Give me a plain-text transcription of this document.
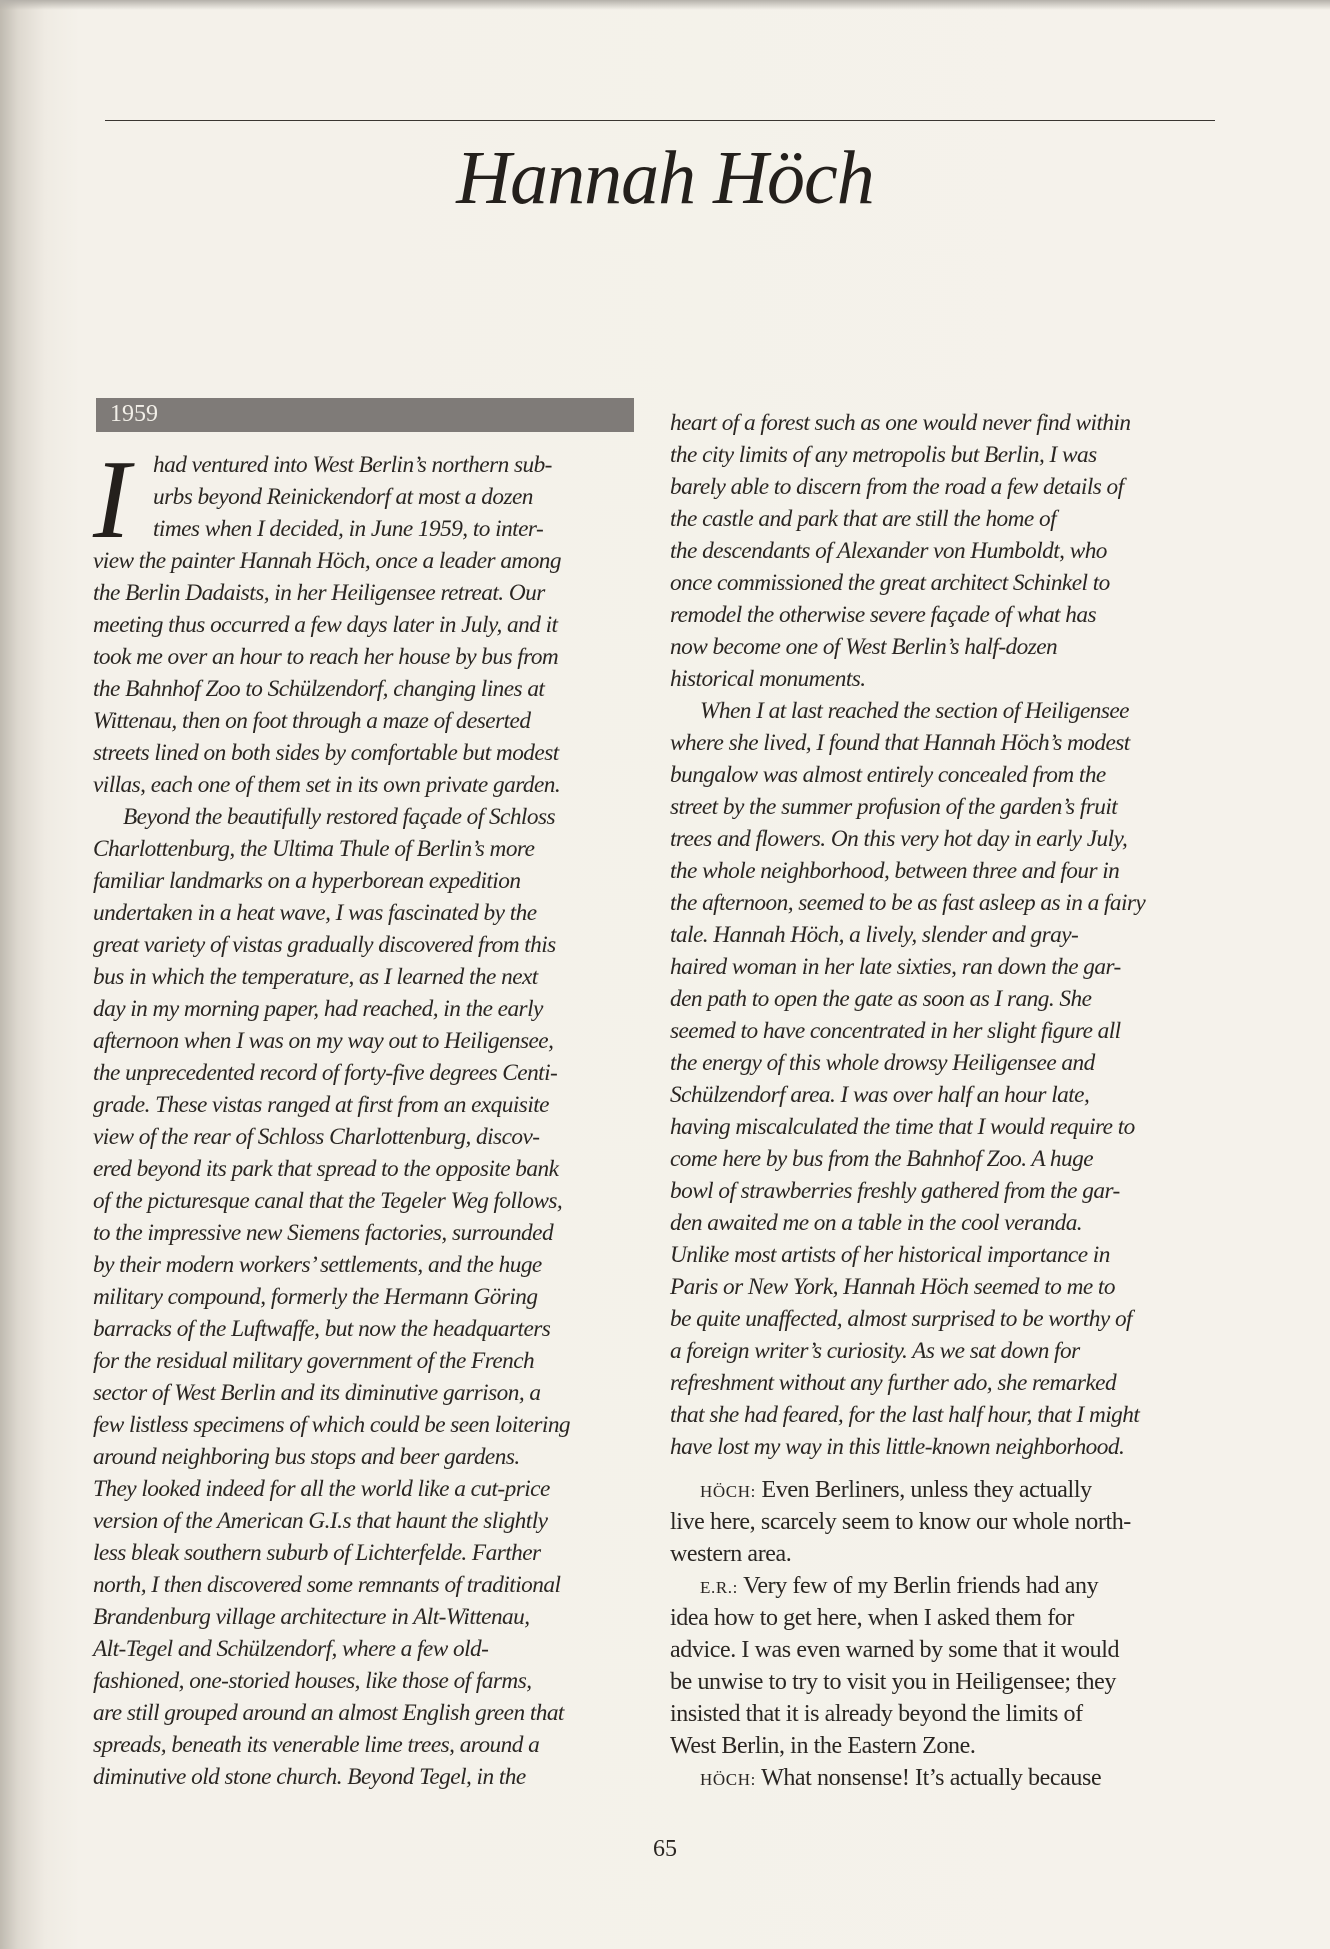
Hannah Höch
1959
I had ventured into West Berlin’s northern sub-
urbs beyond Reinickendorf at most a dozen
times when I decided, in June 1959, to inter-
view the painter Hannah Höch, once a leader among
the Berlin Dadaists, in her Heiligensee retreat. Our
meeting thus occurred a few days later in July, and it
took me over an hour to reach her house by bus from
the Bahnhof Zoo to Schülzendorf, changing lines at
Wittenau, then on foot through a maze of deserted
streets lined on both sides by comfortable but modest
villas, each one of them set in its own private garden.
Beyond the beautifully restored façade of Schloss
Charlottenburg, the Ultima Thule of Berlin’s more
familiar landmarks on a hyperborean expedition
undertaken in a heat wave, I was fascinated by the
great variety of vistas gradually discovered from this
bus in which the temperature, as I learned the next
day in my morning paper, had reached, in the early
afternoon when I was on my way out to Heiligensee,
the unprecedented record of forty-five degrees Centi-
grade. These vistas ranged at first from an exquisite
view of the rear of Schloss Charlottenburg, discov-
ered beyond its park that spread to the opposite bank
of the picturesque canal that the Tegeler Weg follows,
to the impressive new Siemens factories, surrounded
by their modern workers’ settlements, and the huge
military compound, formerly the Hermann Göring
barracks of the Luftwaffe, but now the headquarters
for the residual military government of the French
sector of West Berlin and its diminutive garrison, a
few listless specimens of which could be seen loitering
around neighboring bus stops and beer gardens.
They looked indeed for all the world like a cut-price
version of the American G.I.s that haunt the slightly
less bleak southern suburb of Lichterfelde. Farther
north, I then discovered some remnants of traditional
Brandenburg village architecture in Alt-Wittenau,
Alt-Tegel and Schülzendorf, where a few old-
fashioned, one-storied houses, like those of farms,
are still grouped around an almost English green that
spreads, beneath its venerable lime trees, around a
diminutive old stone church. Beyond Tegel, in the
heart of a forest such as one would never find within
the city limits of any metropolis but Berlin, I was
barely able to discern from the road a few details of
the castle and park that are still the home of
the descendants of Alexander von Humboldt, who
once commissioned the great architect Schinkel to
remodel the otherwise severe façade of what has
now become one of West Berlin’s half-dozen
historical monuments.
When I at last reached the section of Heiligensee
where she lived, I found that Hannah Höch’s modest
bungalow was almost entirely concealed from the
street by the summer profusion of the garden’s fruit
trees and flowers. On this very hot day in early July,
the whole neighborhood, between three and four in
the afternoon, seemed to be as fast asleep as in a fairy
tale. Hannah Höch, a lively, slender and gray-
haired woman in her late sixties, ran down the gar-
den path to open the gate as soon as I rang. She
seemed to have concentrated in her slight figure all
the energy of this whole drowsy Heiligensee and
Schülzendorf area. I was over half an hour late,
having miscalculated the time that I would require to
come here by bus from the Bahnhof Zoo. A huge
bowl of strawberries freshly gathered from the gar-
den awaited me on a table in the cool veranda.
Unlike most artists of her historical importance in
Paris or New York, Hannah Höch seemed to me to
be quite unaffected, almost surprised to be worthy of
a foreign writer’s curiosity. As we sat down for
refreshment without any further ado, she remarked
that she had feared, for the last half hour, that I might
have lost my way in this little-known neighborhood.
HÖCH: Even Berliners, unless they actually
live here, scarcely seem to know our whole north-
western area.
E.R.: Very few of my Berlin friends had any
idea how to get here, when I asked them for
advice. I was even warned by some that it would
be unwise to try to visit you in Heiligensee; they
insisted that it is already beyond the limits of
West Berlin, in the Eastern Zone.
HÖCH: What nonsense! It’s actually because
65
